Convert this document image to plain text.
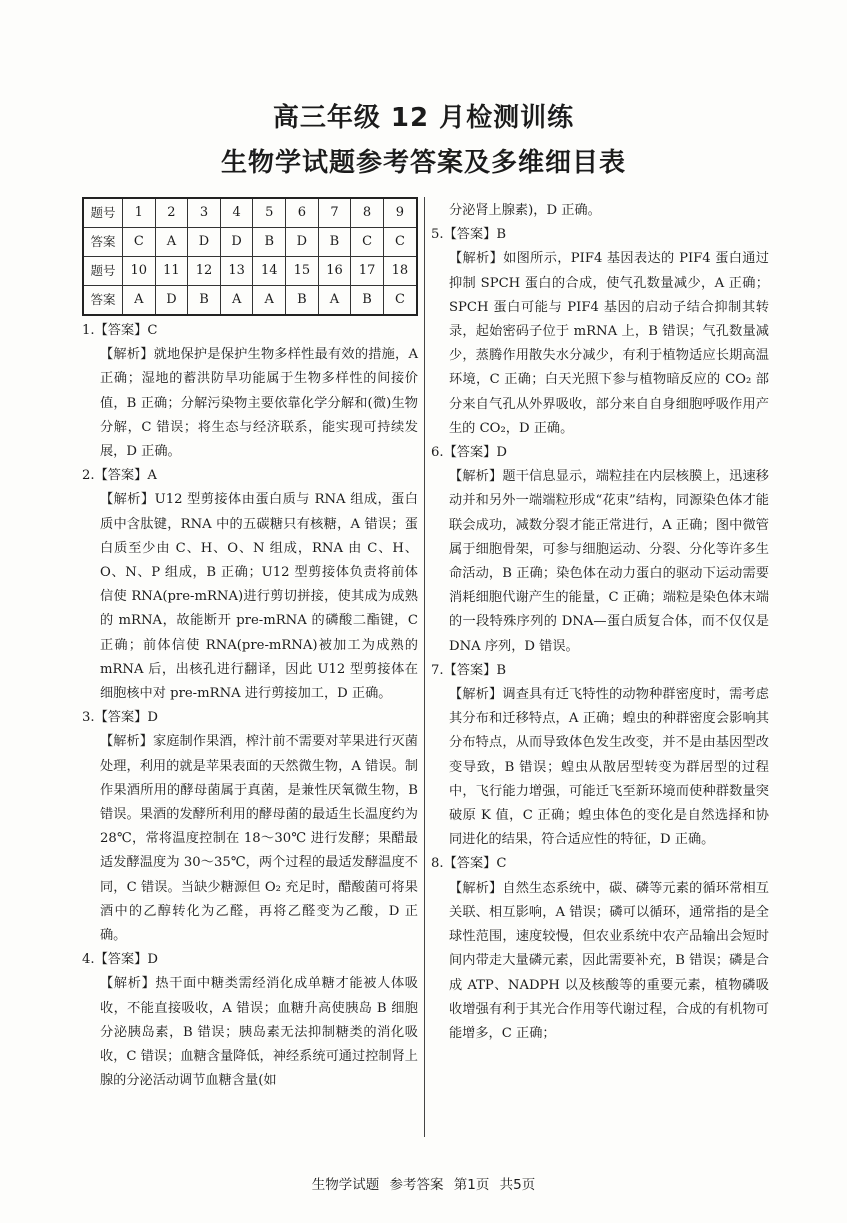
高三年级 12 月检测训练
生物学试题参考答案及多维细目表
题号	1	2	3	4	5	6	7	8	9
答案	C	A	D	D	B	D	B	C	C
题号	10	11	12	13	14	15	16	17	18
答案	A	D	B	A	A	B	A	B	C
1.【答案】C
【解析】就地保护是保护生物多样性最有效的措施，A 正确；湿地的蓄洪防旱功能属于生物多样性的间接价值，B 正确；分解污染物主要依靠化学分解和(微)生物分解，C 错误；将生态与经济联系，能实现可持续发展，D 正确。
2.【答案】A
【解析】U12 型剪接体由蛋白质与 RNA 组成，蛋白质中含肽键，RNA 中的五碳糖只有核糖，A 错误；蛋白质至少由 C、H、O、N 组成，RNA 由 C、H、O、N、P 组成，B 正确；U12 型剪接体负责将前体信使 RNA(pre-mRNA)进行剪切拼接，使其成为成熟的 mRNA，故能断开 pre-mRNA 的磷酸二酯键，C 正确；前体信使 RNA(pre-mRNA)被加工为成熟的 mRNA 后，出核孔进行翻译，因此 U12 型剪接体在细胞核中对 pre-mRNA 进行剪接加工，D 正确。
3.【答案】D
【解析】家庭制作果酒，榨汁前不需要对苹果进行灭菌处理，利用的就是苹果表面的天然微生物，A 错误。制作果酒所用的酵母菌属于真菌，是兼性厌氧微生物，B 错误。果酒的发酵所利用的酵母菌的最适生长温度约为 28℃，常将温度控制在 18～30℃ 进行发酵；果醋最适发酵温度为 30～35℃，两个过程的最适发酵温度不同，C 错误。当缺少糖源但 O₂ 充足时，醋酸菌可将果酒中的乙醇转化为乙醛，再将乙醛变为乙酸，D 正确。
4.【答案】D
【解析】热干面中糖类需经消化成单糖才能被人体吸收，不能直接吸收，A 错误；血糖升高使胰岛 B 细胞分泌胰岛素，B 错误；胰岛素无法抑制糖类的消化吸收，C 错误；血糖含量降低，神经系统可通过控制肾上腺的分泌活动调节血糖含量(如
分泌肾上腺素)，D 正确。
5.【答案】B
【解析】如图所示，PIF4 基因表达的 PIF4 蛋白通过抑制 SPCH 蛋白的合成，使气孔数量减少，A 正确；SPCH 蛋白可能与 PIF4 基因的启动子结合抑制其转录，起始密码子位于 mRNA 上，B 错误；气孔数量减少，蒸腾作用散失水分减少，有利于植物适应长期高温环境，C 正确；白天光照下参与植物暗反应的 CO₂ 部分来自气孔从外界吸收，部分来自自身细胞呼吸作用产生的 CO₂，D 正确。
6.【答案】D
【解析】题干信息显示，端粒挂在内层核膜上，迅速移动并和另外一端端粒形成“花束”结构，同源染色体才能联会成功，减数分裂才能正常进行，A 正确；图中微管属于细胞骨架，可参与细胞运动、分裂、分化等许多生命活动，B 正确；染色体在动力蛋白的驱动下运动需要消耗细胞代谢产生的能量，C 正确；端粒是染色体末端的一段特殊序列的 DNA—蛋白质复合体，而不仅仅是 DNA 序列，D 错误。
7.【答案】B
【解析】调查具有迁飞特性的动物种群密度时，需考虑其分布和迁移特点，A 正确；蝗虫的种群密度会影响其分布特点，从而导致体色发生改变，并不是由基因型改变导致，B 错误；蝗虫从散居型转变为群居型的过程中，飞行能力增强，可能迁飞至新环境而使种群数量突破原 K 值，C 正确；蝗虫体色的变化是自然选择和协同进化的结果，符合适应性的特征，D 正确。
8.【答案】C
【解析】自然生态系统中，碳、磷等元素的循环常相互关联、相互影响，A 错误；磷可以循环，通常指的是全球性范围，速度较慢，但农业系统中农产品输出会短时间内带走大量磷元素，因此需要补充，B 错误；磷是合成 ATP、NADPH 以及核酸等的重要元素，植物磷吸收增强有利于其光合作用等代谢过程，合成的有机物可能增多，C 正确；
生物学试题 参考答案 第1页 共5页
